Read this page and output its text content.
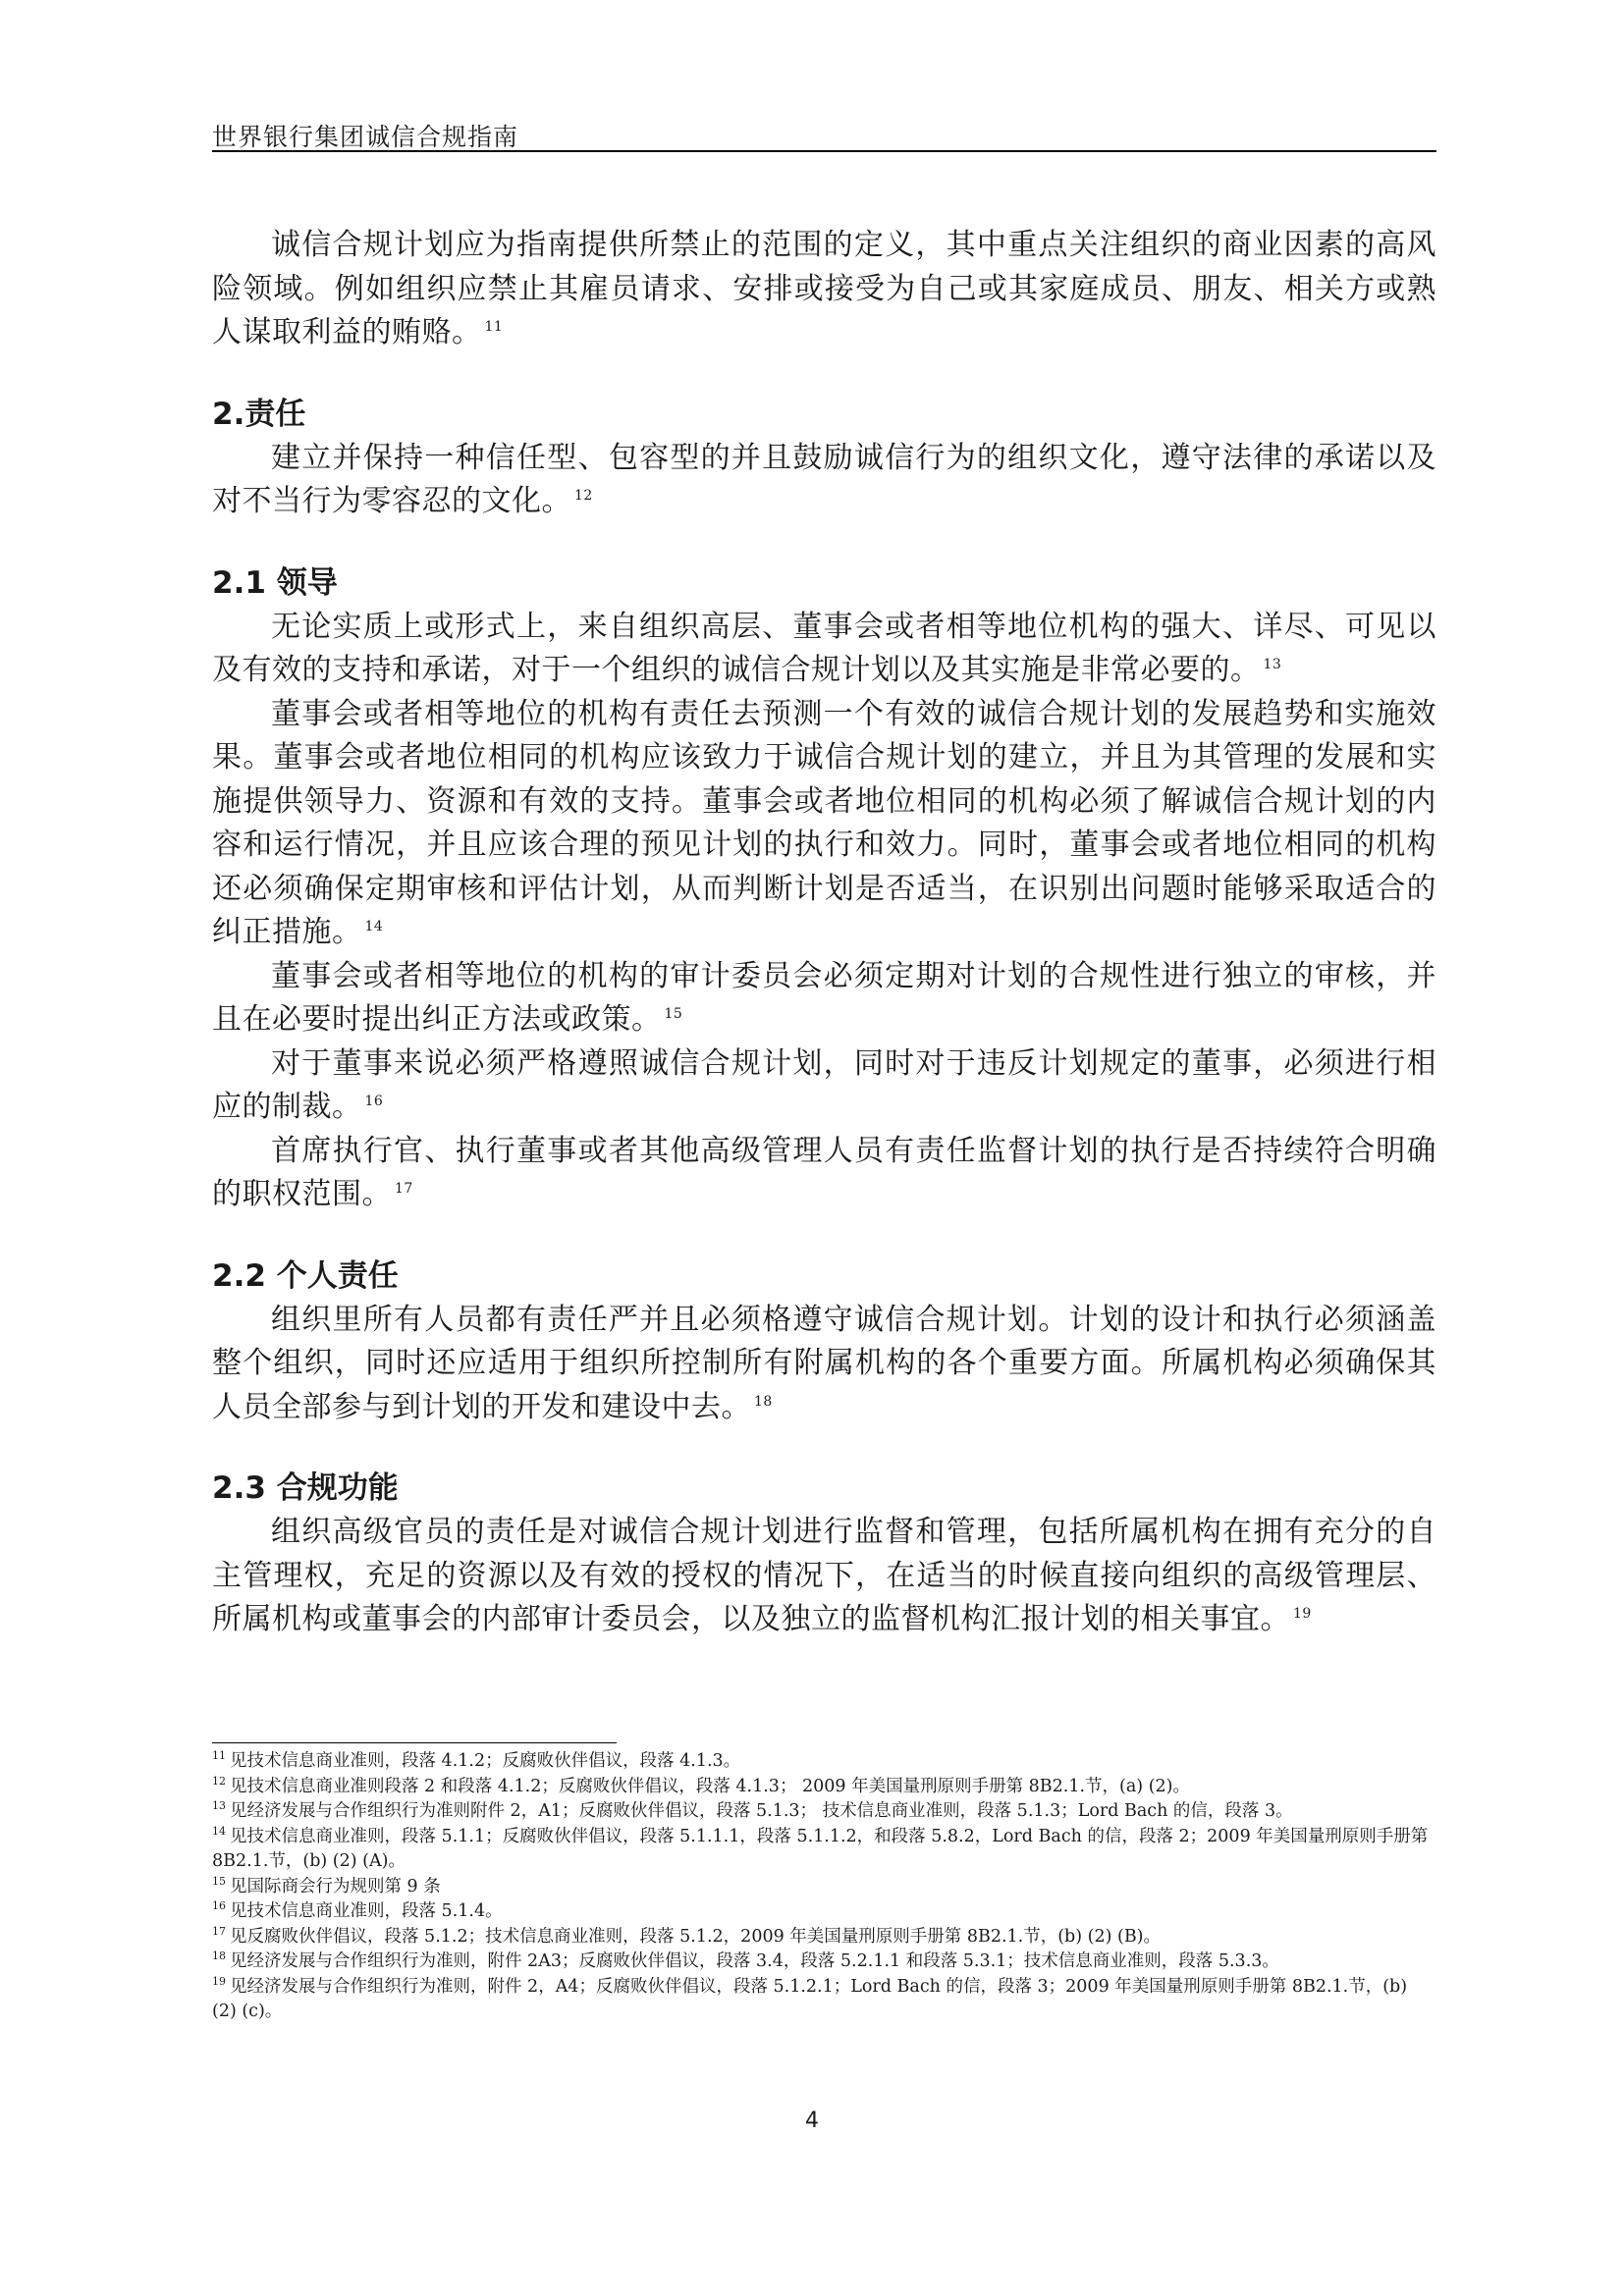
世界银行集团诚信合规指南

诚信合规计划应为指南提供所禁止的范围的定义，其中重点关注组织的商业因素的高风险领域。例如组织应禁止其雇员请求、安排或接受为自己或其家庭成员、朋友、相关方或熟人谋取利益的贿赂。 $^{11}$

2.责任

建立并保持一种信任型、包容型的并且鼓励诚信行为的组织文化，遵守法律的承诺以及对不当行为零容忍的文化。 $^{12}$

2.1 领导

无论实质上或形式上，来自组织高层、董事会或者相等地位机构的强大、详尽、可见以及有效的支持和承诺，对于一个组织的诚信合规计划以及其实施是非常必要的。 $^{13}$

董事会或者相等地位的机构有责任去预测一个有效的诚信合规计划的发展趋势和实施效果。董事会或者地位相同的机构应该致力于诚信合规计划的建立，并且为其管理的发展和实施提供领导力、资源和有效的支持。董事会或者地位相同的机构必须了解诚信合规计划的内容和运行情况，并且应该合理的预见计划的执行和效力。同时，董事会或者地位相同的机构还必须确保定期审核和评估计划，从而判断计划是否适当，在识别出问题时能够采取适合的纠正措施。 $^{14}$

董事会或者相等地位的机构的审计委员会必须定期对计划的合规性进行独立的审核，并且在必要时提出纠正方法或政策。 $^{15}$

对于董事来说必须严格遵照诚信合规计划，同时对于违反计划规定的董事，必须进行相应的制裁。 $^{16}$

首席执行官、执行董事或者其他高级管理人员有责任监督计划的执行是否持续符合明确的职权范围。 $^{17}$

2.2 个人责任

组织里所有人员都有责任严并且必须格遵守诚信合规计划。计划的设计和执行必须涵盖整个组织，同时还应适用于组织所控制所有附属机构的各个重要方面。所属机构必须确保其人员全部参与到计划的开发和建设中去。 $^{18}$

2.3 合规功能

组织高级官员的责任是对诚信合规计划进行监督和管理，包括所属机构在拥有充分的自主管理权，充足的资源以及有效的授权的情况下，在适当的时候直接向组织的高级管理层、所属机构或董事会的内部审计委员会，以及独立的监督机构汇报计划的相关事宜。 $^{19}$

$^{11}$ 见技术信息商业准则，段落 4.1.2；反腐败伙伴倡议，段落 4.1.3。

$^{12}$ 见技术信息商业准则段落 2 和段落 4.1.2；反腐败伙伴倡议，段落 4.1.3； 2009 年美国量刑原则手册第 8B2.1.节，(a) (2)。

$^{13}$ 见经济发展与合作组织行为准则附件 2，A1；反腐败伙伴倡议，段落 5.1.3； 技术信息商业准则，段落 5.1.3；Lord Bach 的信，段落 3。

$^{14}$ 见技术信息商业准则，段落 5.1.1；反腐败伙伴倡议，段落 5.1.1.1，段落 5.1.1.2，和段落 5.8.2，Lord Bach 的信，段落 2；2009 年美国量刑原则手册第 8B2.1.节，(b) (2) (A)。

$^{15}$ 见国际商会行为规则第 9 条

$^{16}$ 见技术信息商业准则，段落 5.1.4。

$^{17}$ 见反腐败伙伴倡议，段落 5.1.2；技术信息商业准则，段落 5.1.2，2009 年美国量刑原则手册第 8B2.1.节，(b) (2) (B)。

$^{18}$ 见经济发展与合作组织行为准则，附件 2A3；反腐败伙伴倡议，段落 3.4，段落 5.2.1.1 和段落 5.3.1；技术信息商业准则，段落 5.3.3。

$^{19}$ 见经济发展与合作组织行为准则，附件 2，A4；反腐败伙伴倡议，段落 5.1.2.1；Lord Bach 的信，段落 3；2009 年美国量刑原则手册第 8B2.1.节，(b) (2) (c)。

4
